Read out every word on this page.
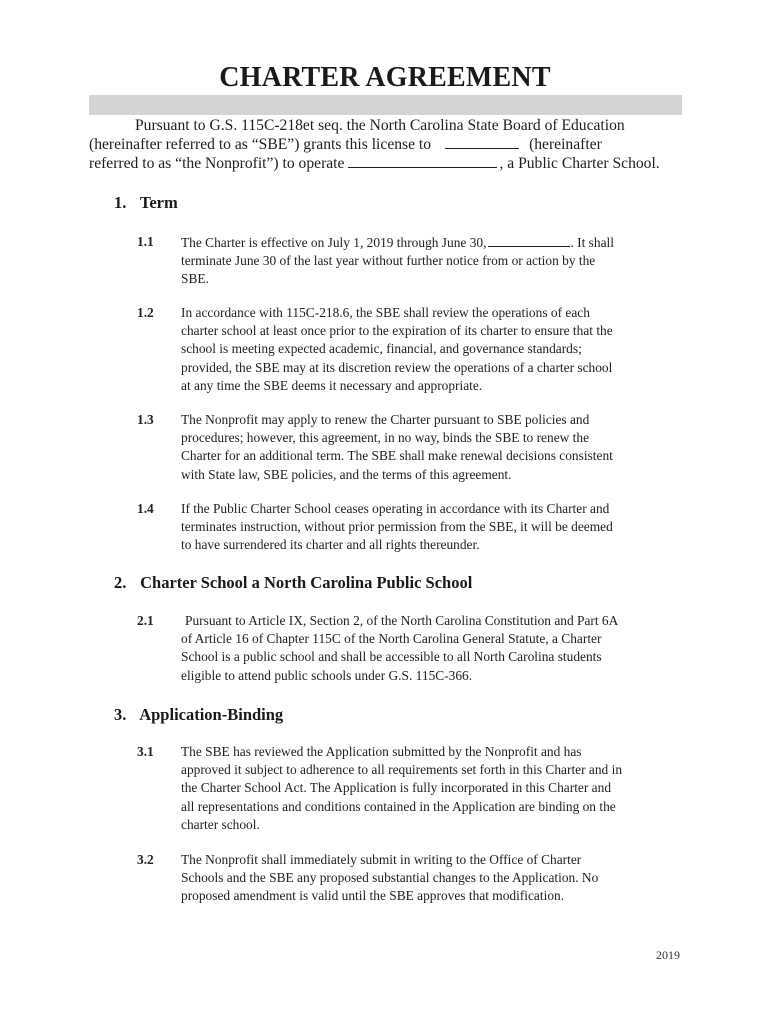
CHARTER AGREEMENT
Pursuant to G.S. 115C-218et seq. the North Carolina State Board of Education
(hereinafter referred to as “SBE”) grants this license to	(hereinafter
referred to as “the Nonprofit”) to operate	, a Public Charter School.
1. Term
1.1 The Charter is effective on July 1, 2019 through June 30,	. It shall
terminate June 30 of the last year without further notice from or action by the
SBE.
1.2 In accordance with 115C-218.6, the SBE shall review the operations of each
charter school at least once prior to the expiration of its charter to ensure that the
school is meeting expected academic, financial, and governance standards;
provided, the SBE may at its discretion review the operations of a charter school
at any time the SBE deems it necessary and appropriate.
1.3 The Nonprofit may apply to renew the Charter pursuant to SBE policies and
procedures; however, this agreement, in no way, binds the SBE to renew the
Charter for an additional term. The SBE shall make renewal decisions consistent
with State law, SBE policies, and the terms of this agreement.
1.4 If the Public Charter School ceases operating in accordance with its Charter and
terminates instruction, without prior permission from the SBE, it will be deemed
to have surrendered its charter and all rights thereunder.
2. Charter School a North Carolina Public School
2.1 Pursuant to Article IX, Section 2, of the North Carolina Constitution and Part 6A
of Article 16 of Chapter 115C of the North Carolina General Statute, a Charter
School is a public school and shall be accessible to all North Carolina students
eligible to attend public schools under G.S. 115C-366.
3. Application-Binding
3.1 The SBE has reviewed the Application submitted by the Nonprofit and has
approved it subject to adherence to all requirements set forth in this Charter and in
the Charter School Act. The Application is fully incorporated in this Charter and
all representations and conditions contained in the Application are binding on the
charter school.
3.2 The Nonprofit shall immediately submit in writing to the Office of Charter
Schools and the SBE any proposed substantial changes to the Application. No
proposed amendment is valid until the SBE approves that modification.
2019
